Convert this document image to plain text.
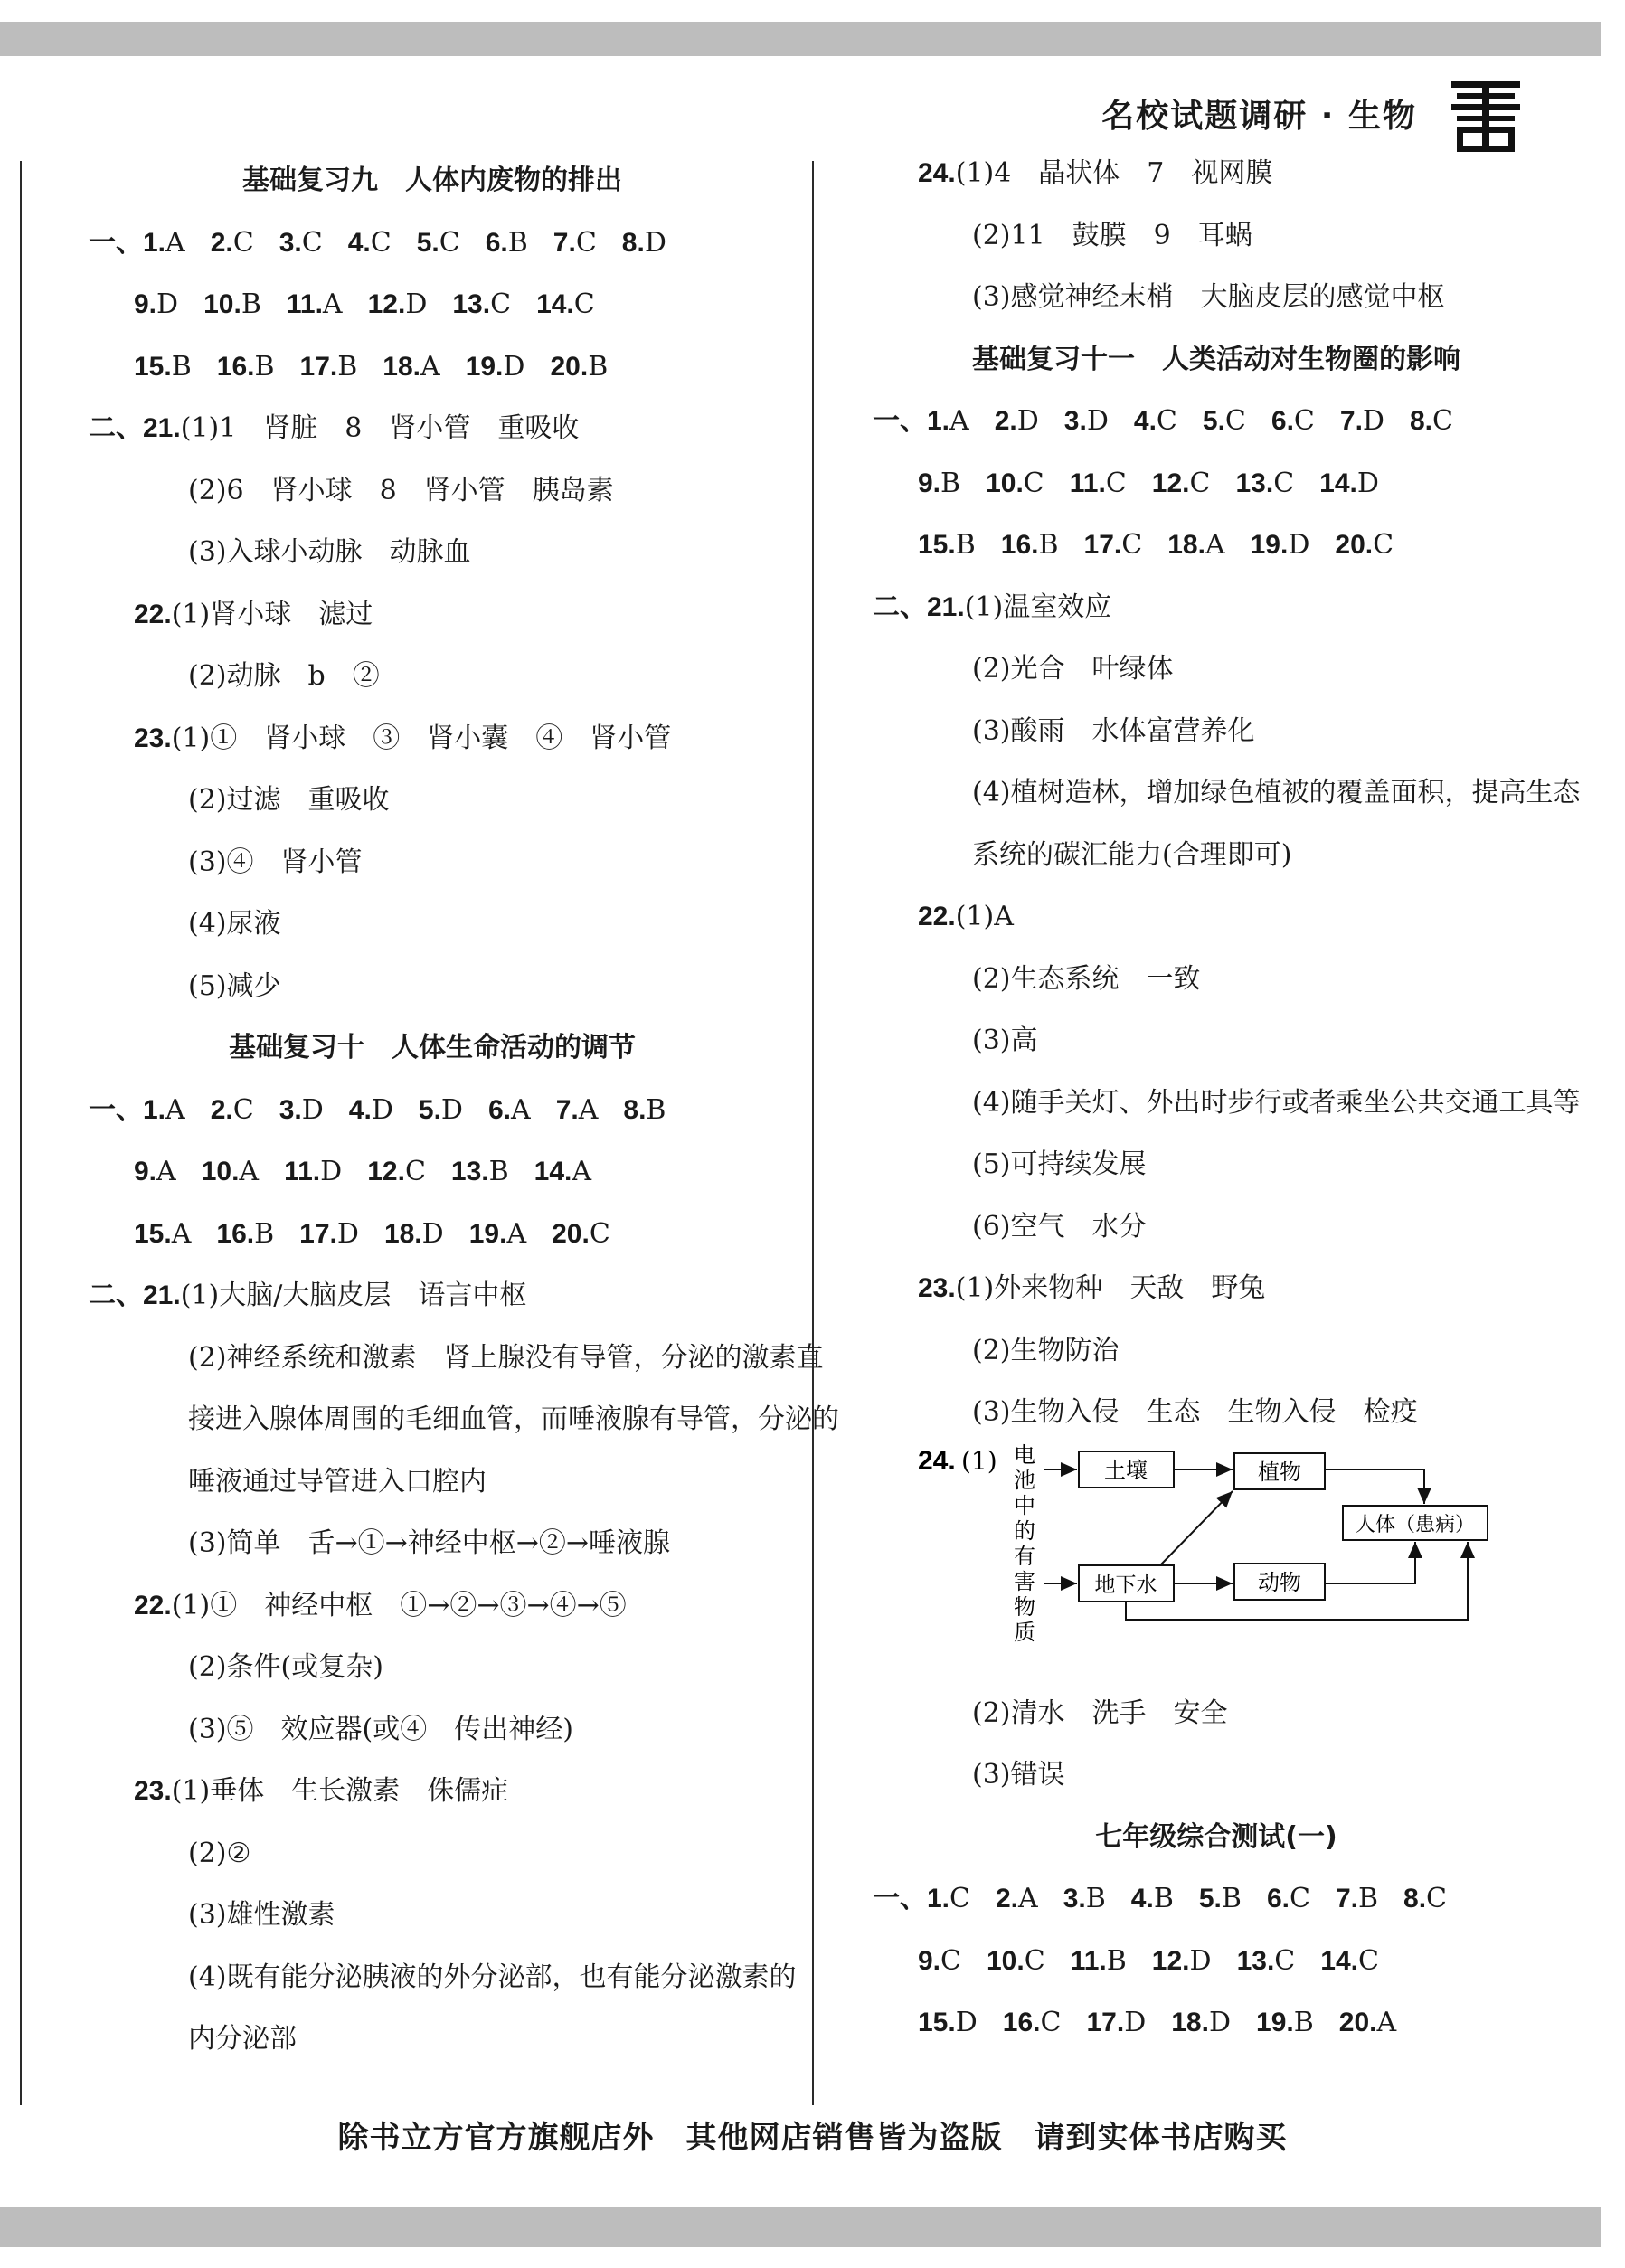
名校试题调研 · 生物
基础复习九　人体内废物的排出
一、1.A 2.C 3.C 4.C 5.C 6.B 7.C 8.D
9.D 10.B 11.A 12.D 13.C 14.C
15.B 16.B 17.B 18.A 19.D 20.B
二、21.(1)1　肾脏　8　肾小管　重吸收
(2)6　肾小球　8　肾小管　胰岛素
(3)入球小动脉　动脉血
22.(1)肾小球　滤过
(2)动脉　b　②
23.(1)①　肾小球　③　肾小囊　④　肾小管
(2)过滤　重吸收
(3)④　肾小管
(4)尿液
(5)减少
基础复习十　人体生命活动的调节
一、1.A 2.C 3.D 4.D 5.D 6.A 7.A 8.B
9.A 10.A 11.D 12.C 13.B 14.A
15.A 16.B 17.D 18.D 19.A 20.C
二、21.(1)大脑/大脑皮层　语言中枢
(2)神经系统和激素　肾上腺没有导管，分泌的激素直接进入腺体周围的毛细血管，而唾液腺有导管，分泌的唾液通过导管进入口腔内
(3)简单　舌→①→神经中枢→②→唾液腺
22.(1)①　神经中枢　①→②→③→④→⑤
(2)条件(或复杂)
(3)⑤　效应器(或④　传出神经)
23.(1)垂体　生长激素　侏儒症
(2)②
(3)雄性激素
(4)既有能分泌胰液的外分泌部，也有能分泌激素的内分泌部
24.(1)4　晶状体　7　视网膜
(2)11　鼓膜　9　耳蜗
(3)感觉神经末梢　大脑皮层的感觉中枢
基础复习十一　人类活动对生物圈的影响
一、1.A 2.D 3.D 4.C 5.C 6.C 7.D 8.C
9.B 10.C 11.C 12.C 13.C 14.D
15.B 16.B 17.C 18.A 19.D 20.C
二、21.(1)温室效应
(2)光合　叶绿体
(3)酸雨　水体富营养化
(4)植树造林，增加绿色植被的覆盖面积，提高生态系统的碳汇能力(合理即可)
22.(1)A
(2)生态系统　一致
(3)高
(4)随手关灯、外出时步行或者乘坐公共交通工具等
(5)可持续发展
(6)空气　水分
23.(1)外来物种　天敌　野兔
(2)生物防治
(3)生物入侵　生态　生物入侵　检疫
24. (1) 电
池
中
的
有
害
物
质
土壤	植物
人体（患病）
地下水	动物
(2)清水　洗手　安全
(3)错误
七年级综合测试(一)
一、1.C 2.A 3.B 4.B 5.B 6.C 7.B 8.C
9.C 10.C 11.B 12.D 13.C 14.C
15.D 16.C 17.D 18.D 19.B 20.A
除书立方官方旗舰店外　其他网店销售皆为盗版　请到实体书店购买
